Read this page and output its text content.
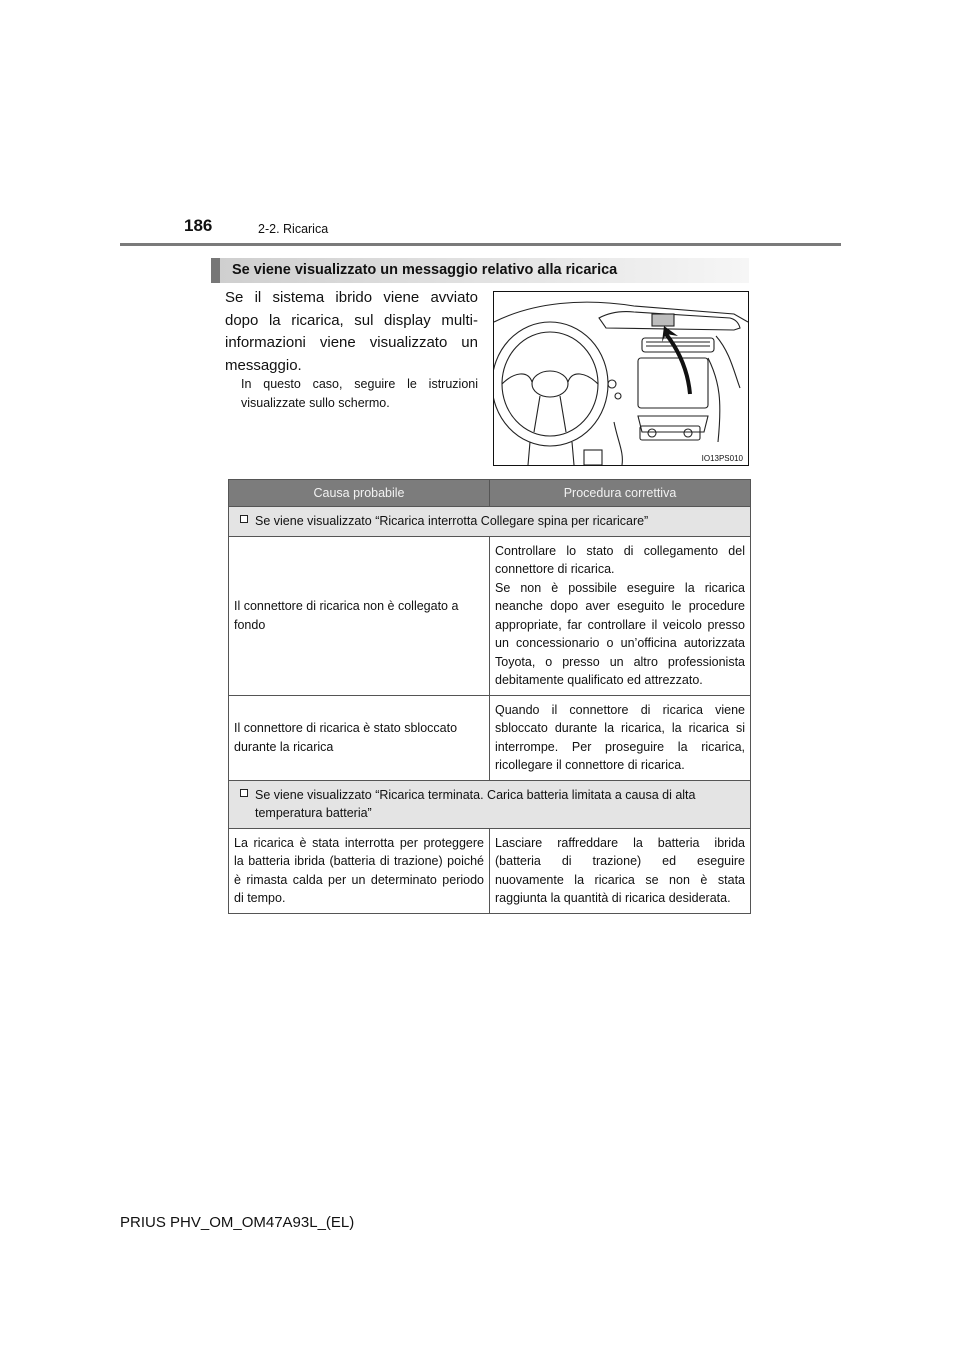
186	2-2. Ricarica
Se viene visualizzato un messaggio relativo alla ricarica
Se il sistema ibrido viene avviato dopo la ricarica, sul display multi-informazioni viene visualizzato un messaggio.
In questo caso, seguire le istruzioni visualizzate sullo schermo.
IO13PS010
Causa probabile	Procedura correttiva

Se viene visualizzato “Ricarica interrotta Collegare spina per ricaricare”	
Il connettore di ricarica non è collegato a fondo	Controllare lo stato di collegamento del connettore di ricarica.
Se non è possibile eseguire la ricarica neanche dopo aver eseguito le procedure appropriate, far controllare il veicolo presso un concessionario o un’officina autorizzata Toyota, o presso un altro professionista debitamente qualificato ed attrezzato.
Il connettore di ricarica è stato sbloccato durante la ricarica	Quando il connettore di ricarica viene sbloccato durante la ricarica, la ricarica si interrompe. Per proseguire la ricarica, ricollegare il connettore di ricarica.

Se viene visualizzato “Ricarica terminata. Carica batteria limitata a causa di alta temperatura batteria”	
La ricarica è stata interrotta per proteggere la batteria ibrida (batteria di trazione) poiché è rimasta calda per un determinato periodo di tempo.	Lasciare raffreddare la batteria ibrida (batteria di trazione) ed eseguire nuovamente la ricarica se non è stata raggiunta la quantità di ricarica desiderata.
PRIUS PHV_OM_OM47A93L_(EL)
